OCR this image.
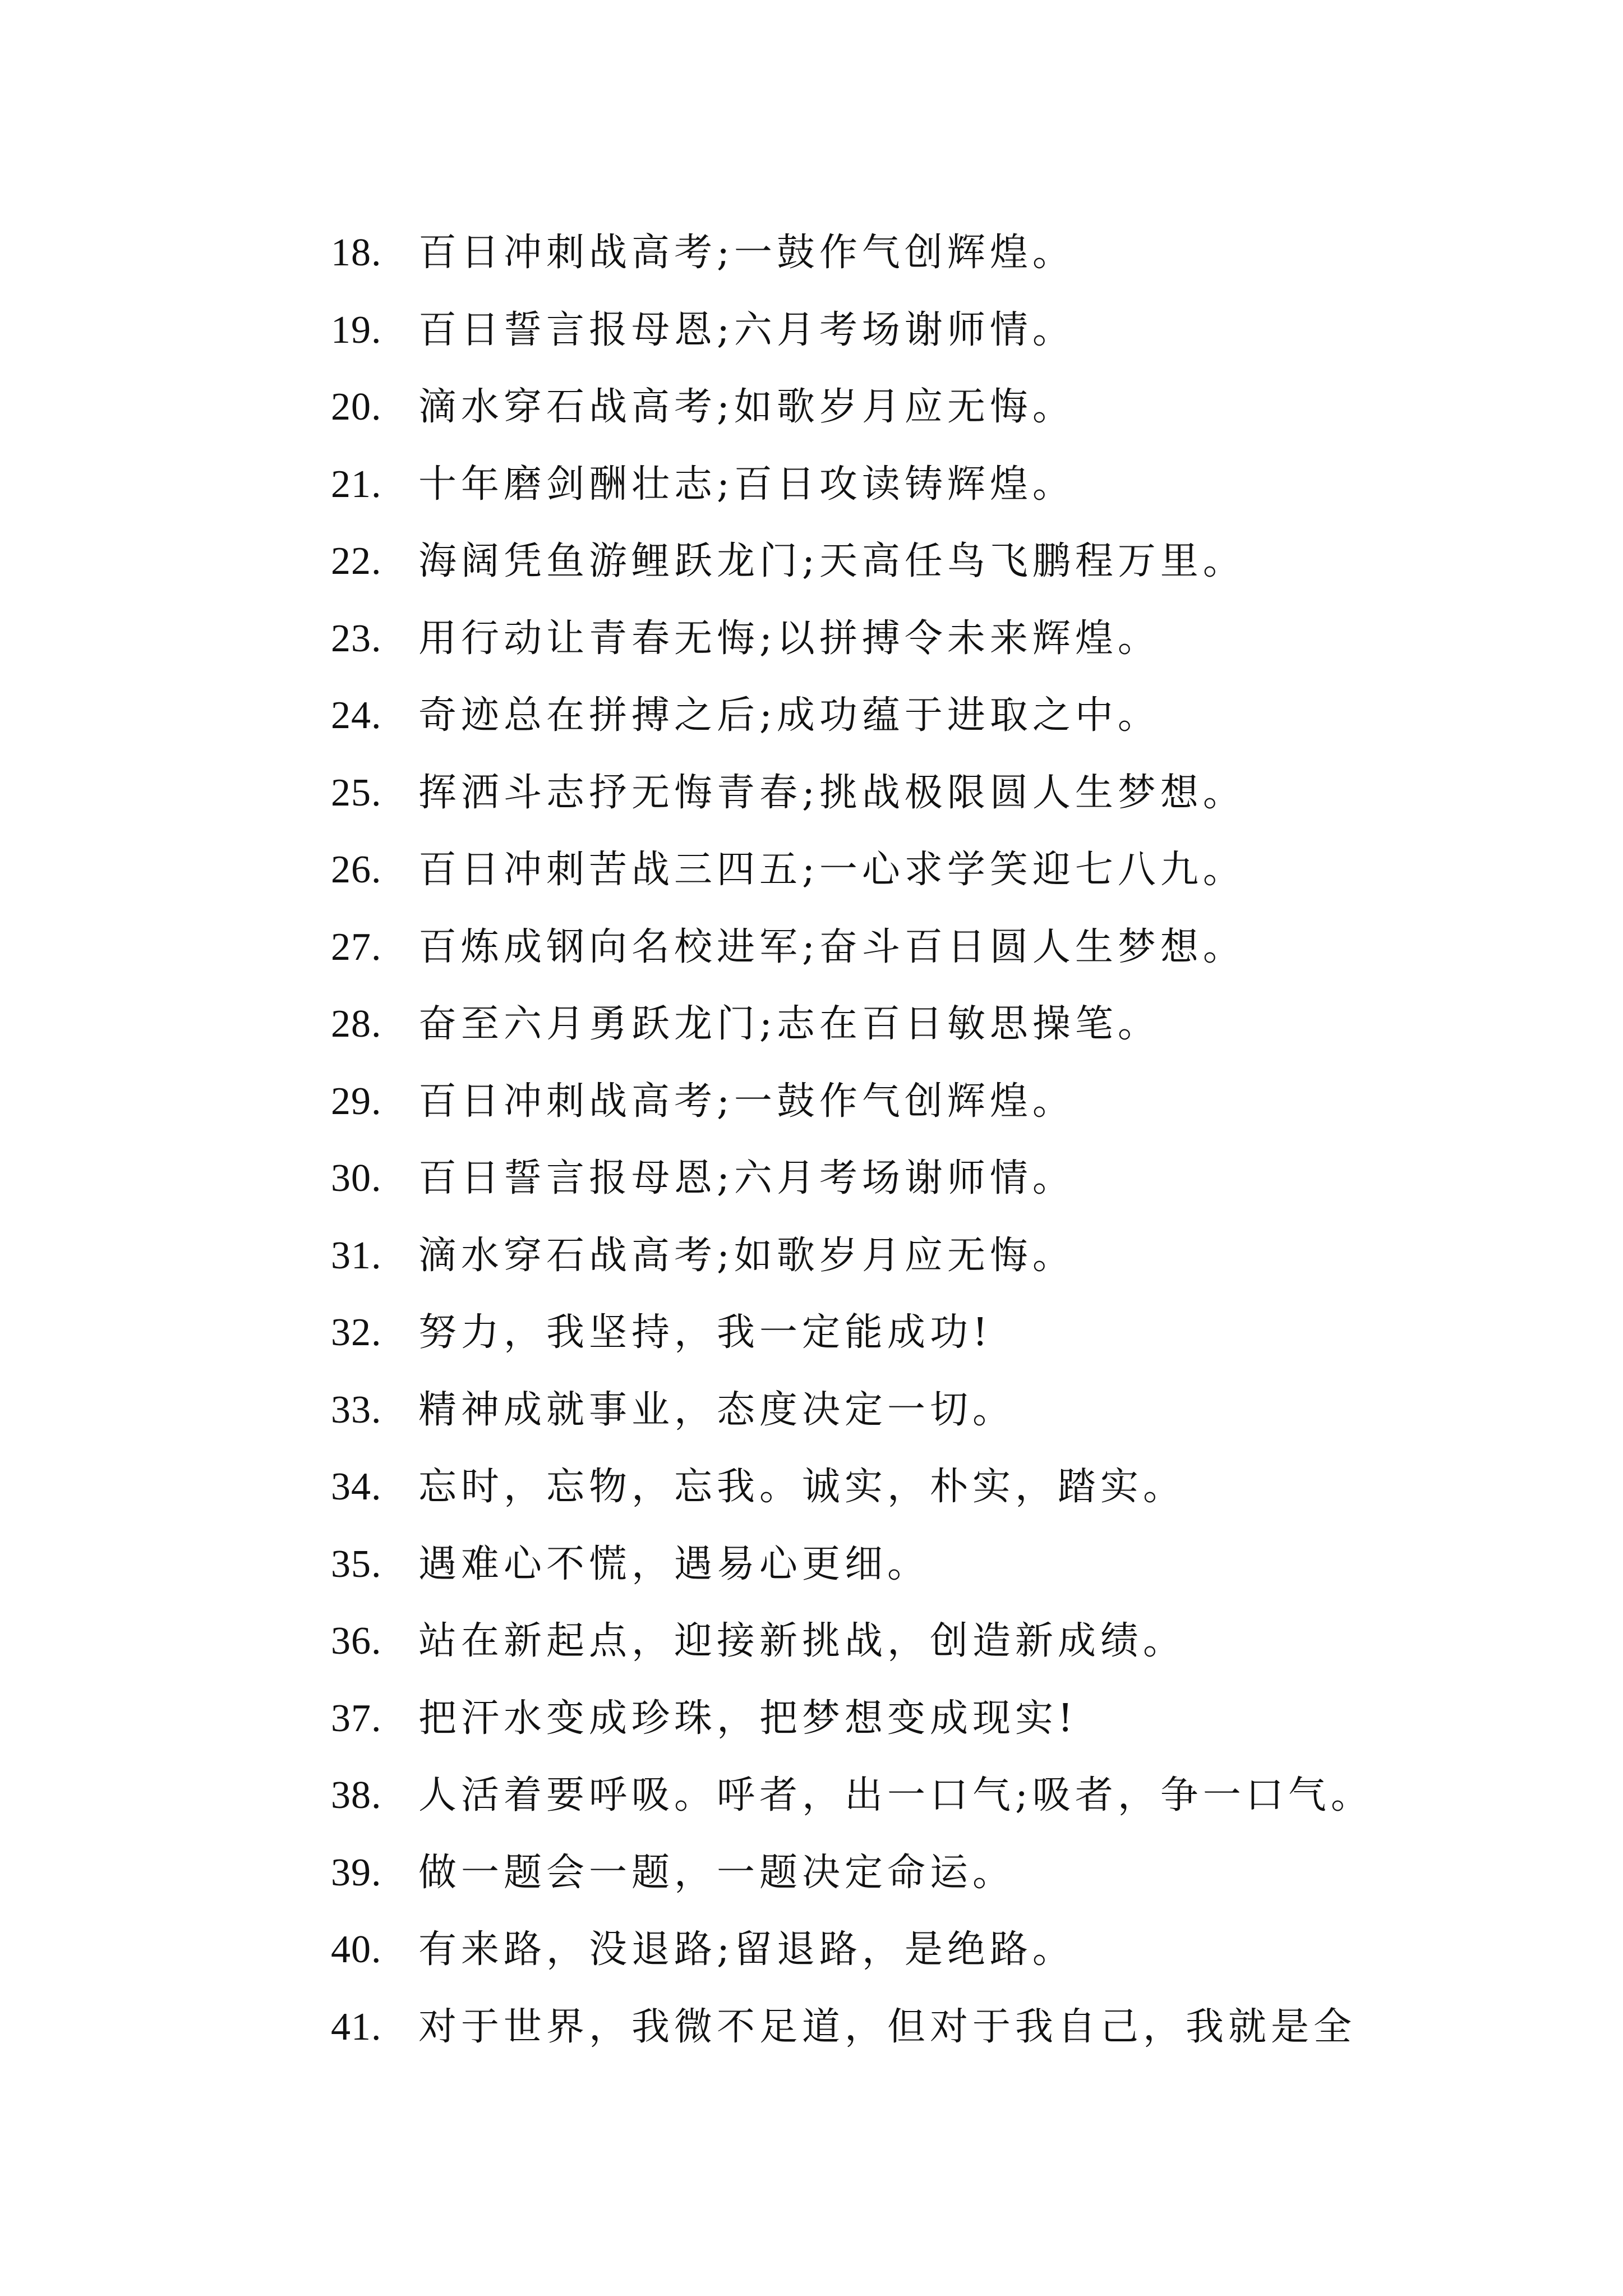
18. 百日冲刺战高考;一鼓作气创辉煌。
19. 百日誓言报母恩;六月考场谢师情。
20. 滴水穿石战高考;如歌岁月应无悔。
21. 十年磨剑酬壮志;百日攻读铸辉煌。
22. 海阔凭鱼游鲤跃龙门;天高任鸟飞鹏程万里。
23. 用行动让青春无悔;以拼搏令未来辉煌。
24. 奇迹总在拼搏之后;成功蕴于进取之中。
25. 挥洒斗志抒无悔青春;挑战极限圆人生梦想。
26. 百日冲刺苦战三四五;一心求学笑迎七八九。
27. 百炼成钢向名校进军;奋斗百日圆人生梦想。
28. 奋至六月勇跃龙门;志在百日敏思操笔。
29. 百日冲刺战高考;一鼓作气创辉煌。
30. 百日誓言报母恩;六月考场谢师情。
31. 滴水穿石战高考;如歌岁月应无悔。
32. 努力，我坚持，我一定能成功!
33. 精神成就事业，态度决定一切。
34. 忘时，忘物，忘我。诚实，朴实，踏实。
35. 遇难心不慌，遇易心更细。
36. 站在新起点，迎接新挑战，创造新成绩。
37. 把汗水变成珍珠，把梦想变成现实!
38. 人活着要呼吸。呼者，出一口气;吸者，争一口气。
39. 做一题会一题，一题决定命运。
40. 有来路，没退路;留退路，是绝路。
41. 对于世界，我微不足道，但对于我自己，我就是全
